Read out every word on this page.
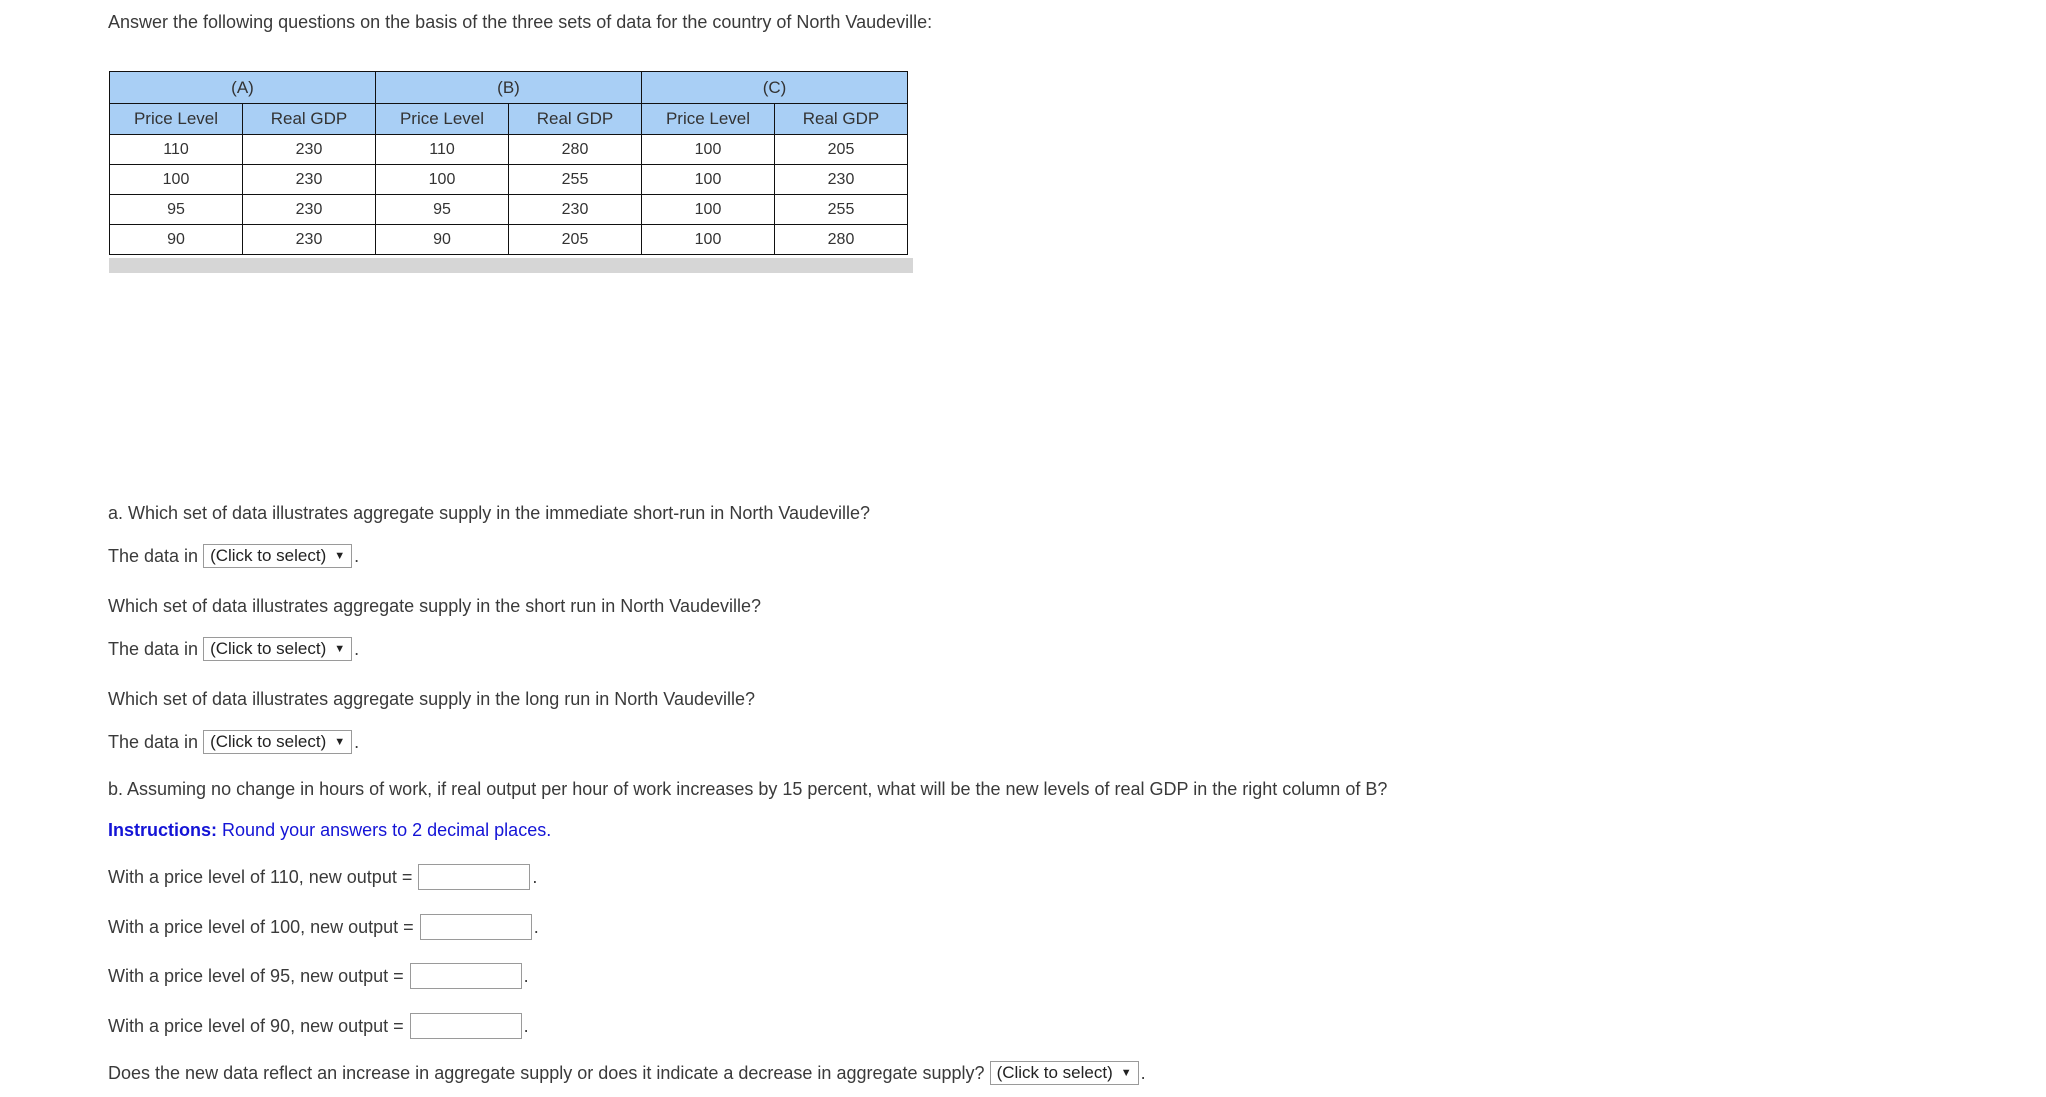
Answer the following questions on the basis of the three sets of data for the country of North Vaudeville:
(A)		(B)		(C)	
Price Level	Real GDP	Price Level	Real GDP	Price Level	Real GDP
110	230	110	280	100	205
100	230	100	255	100	230
95	230	95	230	100	255
90	230	90	205	100	280
a. Which set of data illustrates aggregate supply in the immediate short-run in North Vaudeville?
The data in (Click to select) ▼ .
Which set of data illustrates aggregate supply in the short run in North Vaudeville?
The data in (Click to select) ▼ .
Which set of data illustrates aggregate supply in the long run in North Vaudeville?
The data in (Click to select) ▼ .
b. Assuming no change in hours of work, if real output per hour of work increases by 15 percent, what will be the new levels of real GDP in the right column of B?
Instructions: Round your answers to 2 decimal places.
With a price level of 110, new output =	.
With a price level of 100, new output =	.
With a price level of 95, new output =	.
With a price level of 90, new output =	.
Does the new data reflect an increase in aggregate supply or does it indicate a decrease in aggregate supply? (Click to select) ▼ .
